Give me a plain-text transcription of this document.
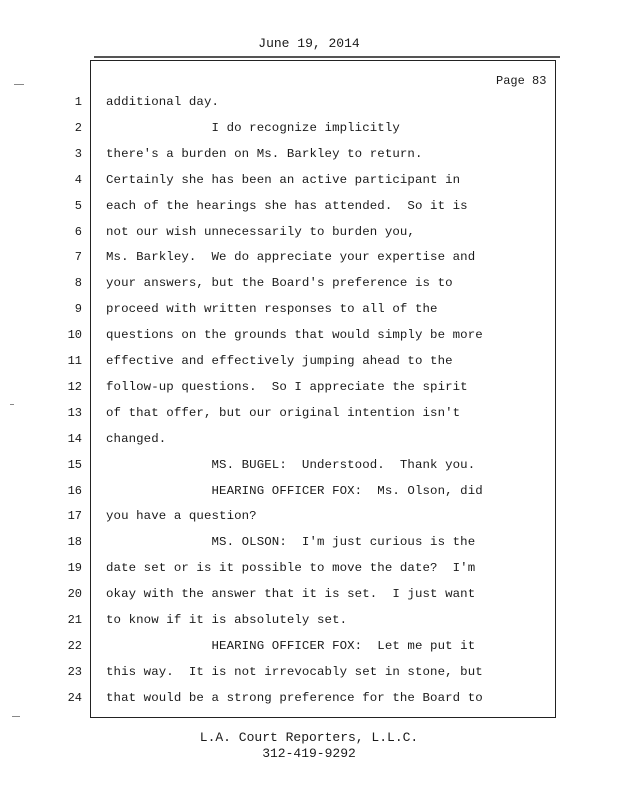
June 19, 2014
Page 83
1 additional day.
2 I do recognize implicitly
3 there's a burden on Ms. Barkley to return.
4 Certainly she has been an active participant in
5 each of the hearings she has attended.  So it is
6 not our wish unnecessarily to burden you,
7 Ms. Barkley.  We do appreciate your expertise and
8 your answers, but the Board's preference is to
9 proceed with written responses to all of the
10 questions on the grounds that would simply be more
11 effective and effectively jumping ahead to the
12 follow-up questions.  So I appreciate the spirit
13 of that offer, but our original intention isn't
14 changed.
15 MS. BUGEL:  Understood.  Thank you.
16 HEARING OFFICER FOX:  Ms. Olson, did
17 you have a question?
18 MS. OLSON:  I'm just curious is the
19 date set or is it possible to move the date?  I'm
20 okay with the answer that it is set.  I just want
21 to know if it is absolutely set.
22 HEARING OFFICER FOX:  Let me put it
23 this way.  It is not irrevocably set in stone, but
24 that would be a strong preference for the Board to
L.A. Court Reporters, L.L.C.
312-419-9292
